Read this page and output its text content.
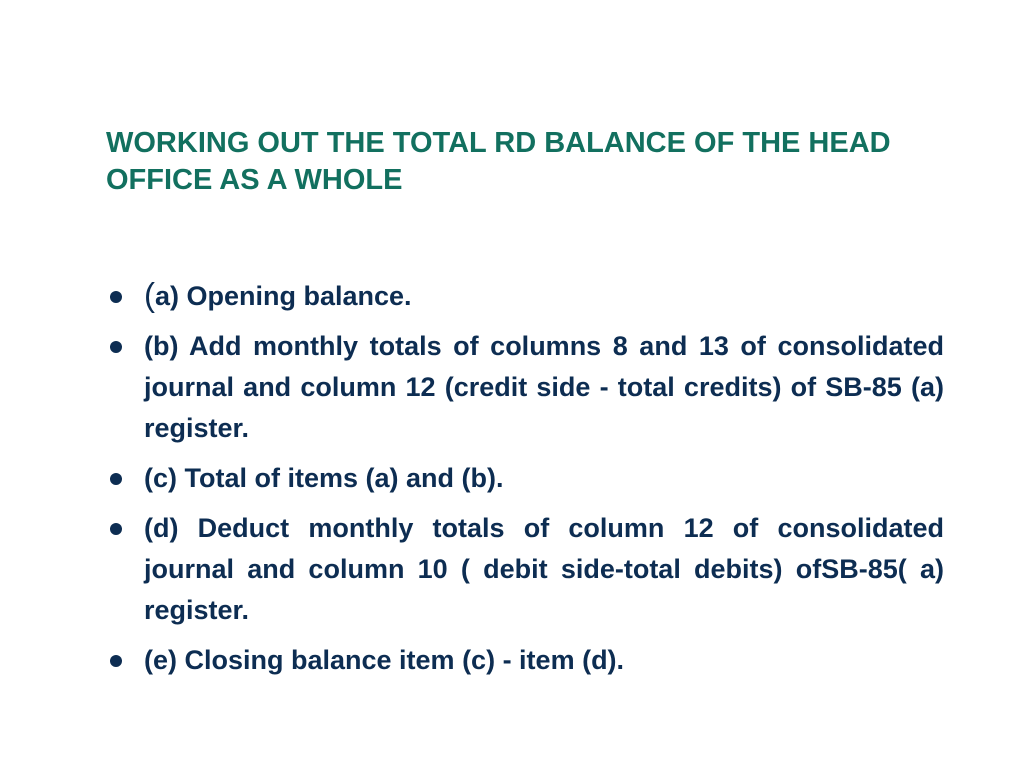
WORKING OUT THE TOTAL RD BALANCE OF THE HEAD OFFICE AS A WHOLE
(a) Opening balance.
(b) Add monthly totals of columns 8 and 13 of consolidated journal and column 12 (credit side - total credits) of SB-85 (a) register.
(c) Total of items (a) and (b).
(d) Deduct monthly totals of column 12 of consolidated journal and column 10 ( debit side-total debits) ofSB-85( a) register.
(e) Closing balance item (c) - item (d).
